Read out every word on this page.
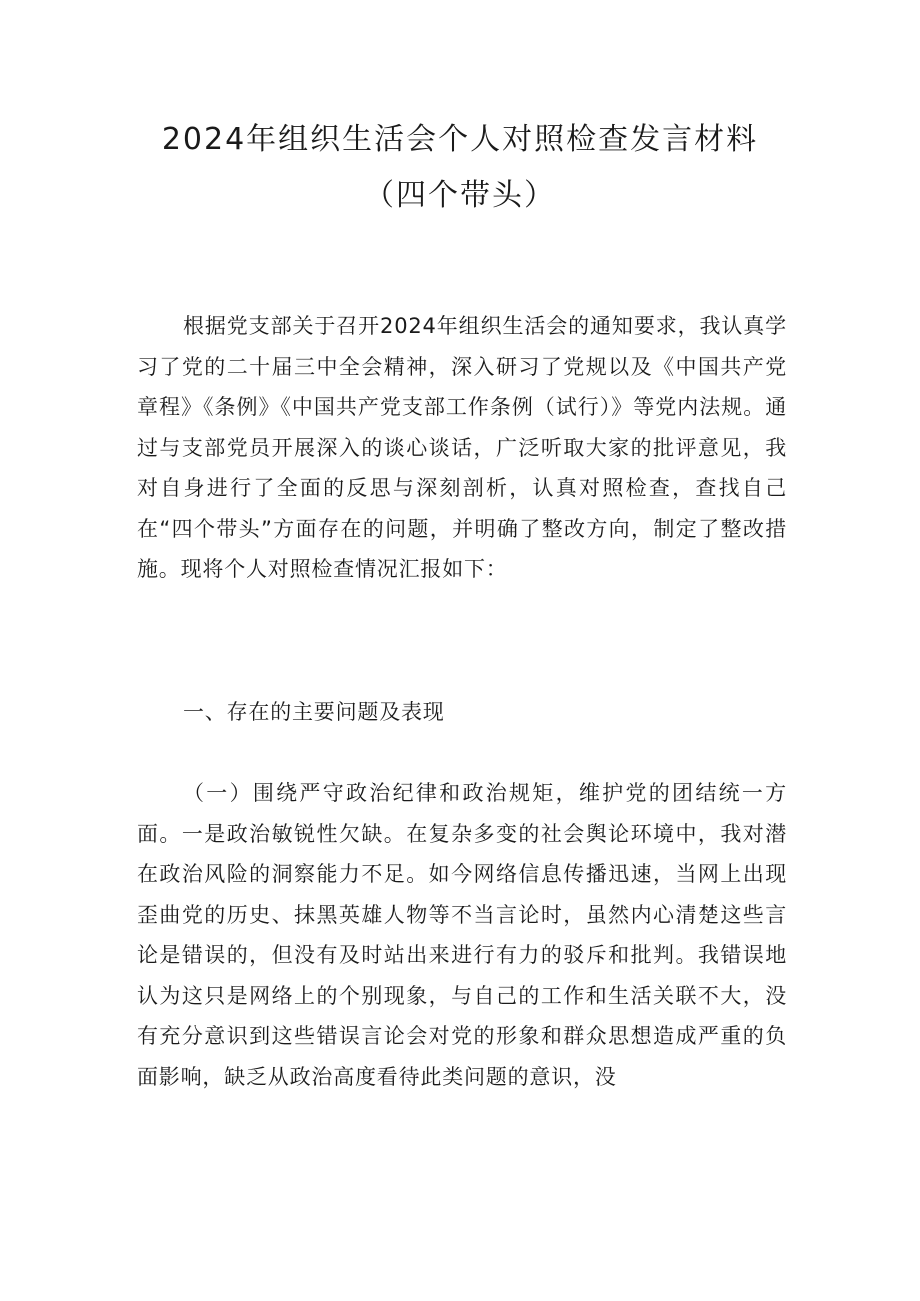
2024年组织生活会个人对照检查发言材料

（四个带头）

根据党支部关于召开2024年组织生活会的通知要求，我认真学习了党的二十届三中全会精神，深入研习了党规以及《中国共产党章程》《条例》《中国共产党支部工作条例（试行）》等党内法规。通过与支部党员开展深入的谈心谈话，广泛听取大家的批评意见，我对自身进行了全面的反思与深刻剖析，认真对照检查，查找自己在“四个带头”方面存在的问题，并明确了整改方向，制定了整改措施。现将个人对照检查情况汇报如下：

一、存在的主要问题及表现

（一）围绕严守政治纪律和政治规矩，维护党的团结统一方面。一是政治敏锐性欠缺。在复杂多变的社会舆论环境中，我对潜在政治风险的洞察能力不足。如今网络信息传播迅速，当网上出现歪曲党的历史、抹黑英雄人物等不当言论时，虽然内心清楚这些言论是错误的，但没有及时站出来进行有力的驳斥和批判。我错误地认为这只是网络上的个别现象，与自己的工作和生活关联不大，没有充分意识到这些错误言论会对党的形象和群众思想造成严重的负面影响，缺乏从政治高度看待此类问题的意识，没
